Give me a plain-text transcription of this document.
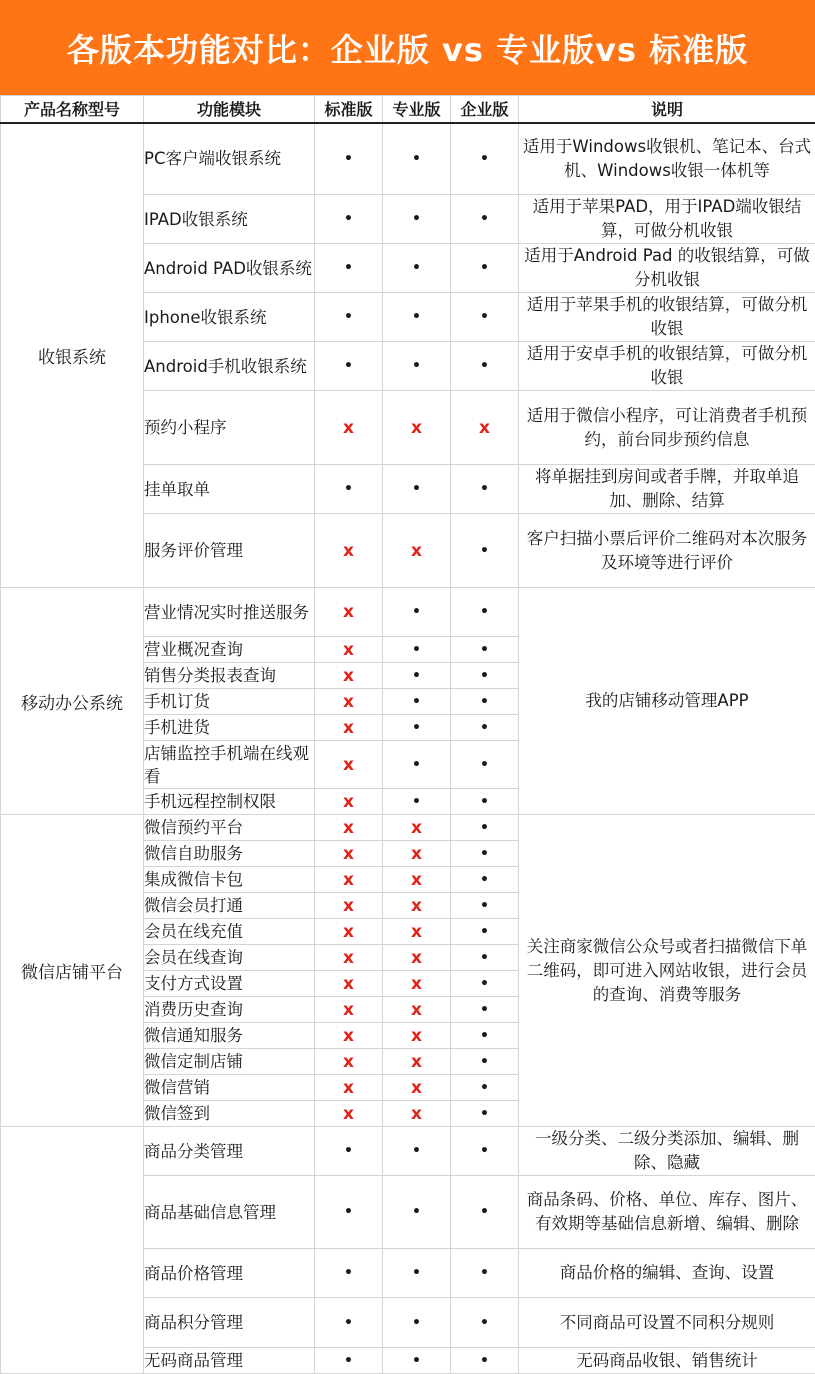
各版本功能对比：企业版 vs 专业版vs 标准版
产品名称型号	功能模块	标准版	专业版	企业版	说明
收银系统	PC客户端收银系统	•	•	•	适用于Windows收银机、笔记本、台式机、Windows收银一体机等
	IPAD收银系统	•	•	•	适用于苹果PAD，用于IPAD端收银结算，可做分机收银
	Android PAD收银系统	•	•	•	适用于Android Pad 的收银结算，可做分机收银
	Iphone收银系统	•	•	•	适用于苹果手机的收银结算，可做分机收银
	Android手机收银系统	•	•	•	适用于安卓手机的收银结算，可做分机收银
	预约小程序	x	x	x	适用于微信小程序，可让消费者手机预约，前台同步预约信息
	挂单取单	•	•	•	将单据挂到房间或者手牌，并取单追加、删除、结算
	服务评价管理	x	x	•	客户扫描小票后评价二维码对本次服务及环境等进行评价
移动办公系统	营业情况实时推送服务	x	•	•	我的店铺移动管理APP
	营业概况查询	x	•	•	
	销售分类报表查询	x	•	•	
	手机订货	x	•	•	
	手机进货	x	•	•	
	店铺监控手机端在线观看	x	•	•	
	手机远程控制权限	x	•	•	
微信店铺平台	微信预约平台	x	x	•	关注商家微信公众号或者扫描微信下单二维码，即可进入网站收银，进行会员的查询、消费等服务
	微信自助服务	x	x	•	
	集成微信卡包	x	x	•	
	微信会员打通	x	x	•	
	会员在线充值	x	x	•	
	会员在线查询	x	x	•	
	支付方式设置	x	x	•	
	消费历史查询	x	x	•	
	微信通知服务	x	x	•	
	微信定制店铺	x	x	•	
	微信营销	x	x	•	
	微信签到	x	x	•	
	商品分类管理	•	•	•	一级分类、二级分类添加、编辑、删除、隐藏
	商品基础信息管理	•	•	•	商品条码、价格、单位、库存、图片、有效期等基础信息新增、编辑、删除
	商品价格管理	•	•	•	商品价格的编辑、查询、设置
	商品积分管理	•	•	•	不同商品可设置不同积分规则
	无码商品管理	•	•	•	无码商品收银、销售统计
